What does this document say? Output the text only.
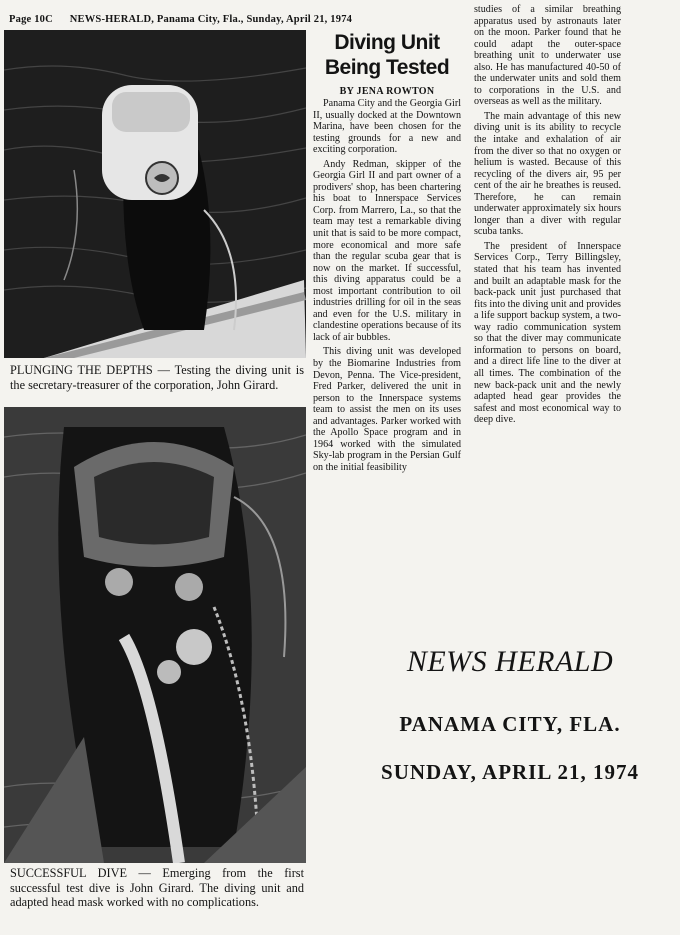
Page 10C NEWS-HERALD, Panama City, Fla., Sunday, April 21, 1974
PLUNGING THE DEPTHS — Testing the diving unit is the secretary-treasurer of the corporation, John Girard.
SUCCESSFUL DIVE — Emerging from the first successful test dive is John Girard. The diving unit and adapted head mask worked with no complications.
Diving Unit Being Tested
BY JENA ROWTON

Panama City and the Georgia Girl II, usually docked at the Downtown Marina, have been chosen for the testing grounds for a new and exciting corporation.

Andy Redman, skipper of the Georgia Girl II and part owner of a prodivers' shop, has been chartering his boat to Innerspace Services Corp. from Marrero, La., so that the team may test a remarkable diving unit that is said to be more compact, more economical and more safe than the regular scuba gear that is now on the market. If successful, this diving apparatus could be a most important contribution to oil industries drilling for oil in the seas and even for the U.S. military in clandestine operations because of its lack of air bubbles.

This diving unit was developed by the Biomarine Industries from Devon, Penna. The Vice-president, Fred Parker, delivered the unit in person to the Innerspace systems team to assist the men on its uses and advantages. Parker worked with the Apollo Space program and in 1964 worked with the simulated Sky-lab program in the Persian Gulf on the initial feasibility

studies of a similar breathing apparatus used by astronauts later on the moon. Parker found that he could adapt the outer-space breathing unit to underwater use also. He has manufactured 40-50 of the underwater units and sold them to corporations in the U.S. and overseas as well as the military.

The main advantage of this new diving unit is its ability to recycle the intake and exhalation of air from the diver so that no oxygen or helium is wasted. Because of this recycling of the divers air, 95 per cent of the air he breathes is reused. Therefore, he can remain underwater approximately six hours longer than a diver with regular scuba tanks.

The president of Innerspace Services Corp., Terry Billingsley, stated that his team has invented and built an adaptable mask for the back-pack unit just purchased that fits into the diving unit and provides a life support backup system, a two-way radio communication system so that the diver may communicate information to persons on board, and a direct life line to the diver at all times. The combination of the new back-pack unit and the newly adapted head gear provides the safest and most economical way to deep dive.

NEWS HERALD
PANAMA CITY, FLA.
SUNDAY, APRIL 21, 1974
